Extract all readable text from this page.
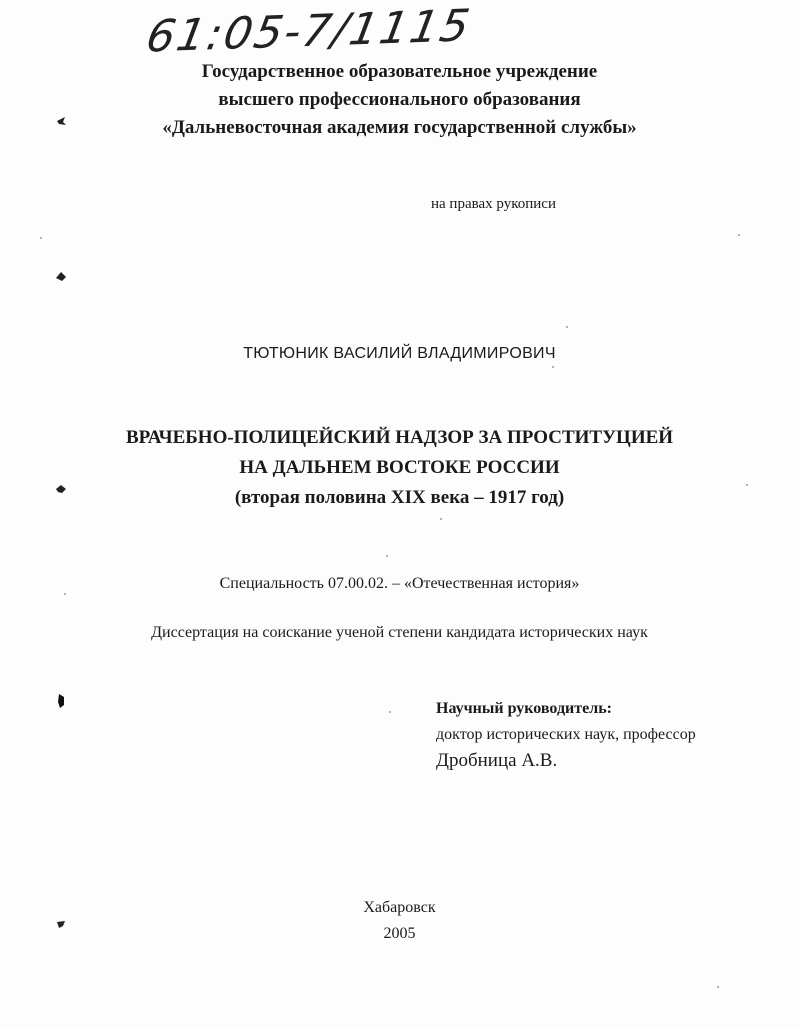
61:05-7/1115
Государственное образовательное учреждение
высшего профессионального образования
«Дальневосточная академия государственной службы»
на правах рукописи
ТЮТЮНИК ВАСИЛИЙ ВЛАДИМИРОВИЧ
ВРАЧЕБНО-ПОЛИЦЕЙСКИЙ НАДЗОР ЗА ПРОСТИТУЦИЕЙ
НА ДАЛЬНЕМ ВОСТОКЕ РОССИИ
(вторая половина XIX века – 1917 год)
Специальность 07.00.02. – «Отечественная история»
Диссертация на соискание ученой степени кандидата исторических наук
Научный руководитель:
доктор исторических наук, профессор
Дробница А.В.
Хабаровск
2005
